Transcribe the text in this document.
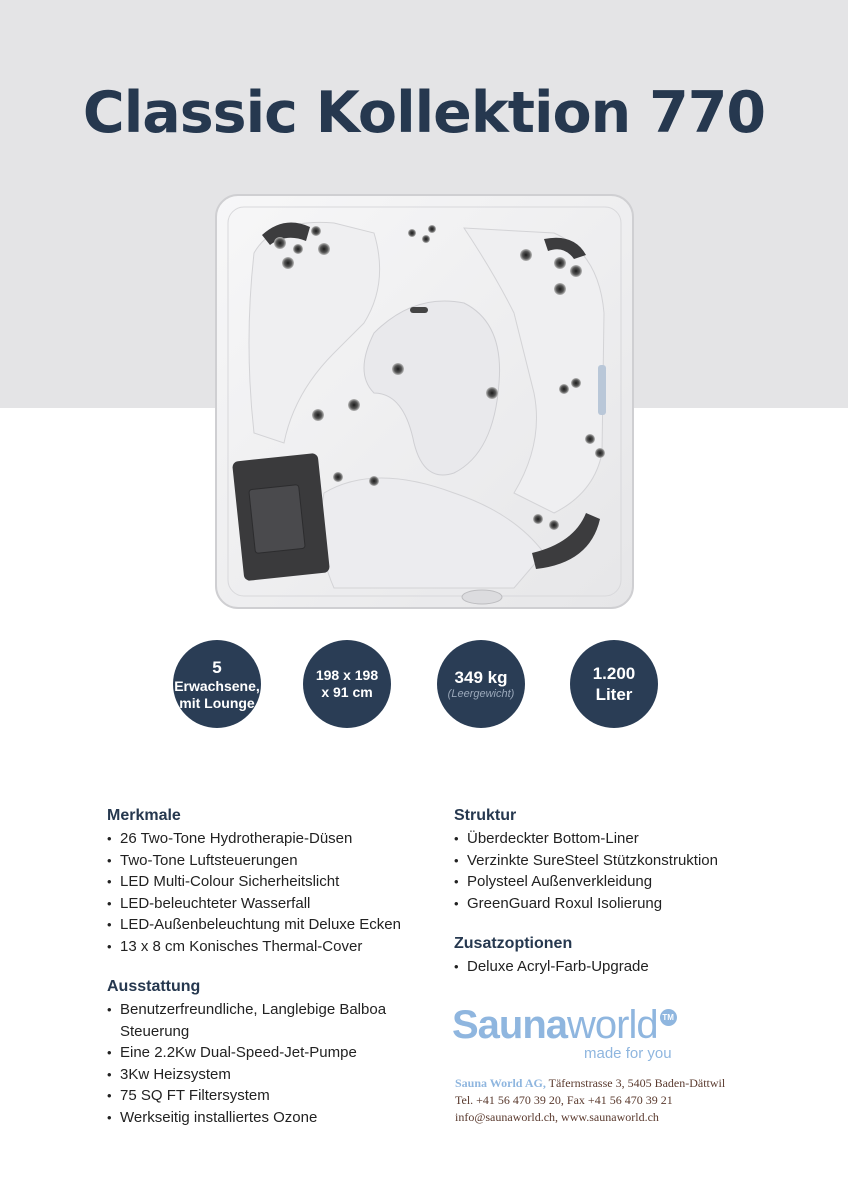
Classic Kollektion 770
5
Erwachsene,
mit Lounge
198 x 198
x 91 cm
349 kg
(Leergewicht)
1.200
Liter
Merkmale
• 26 Two-Tone Hydrotherapie-Düsen
• Two-Tone Luftsteuerungen
• LED Multi-Colour Sicherheitslicht
• LED-beleuchteter Wasserfall
• LED-Außenbeleuchtung mit Deluxe Ecken
• 13 x 8 cm Konisches Thermal-Cover
Ausstattung
• Benutzerfreundliche, Langlebige Balboa Steuerung
• Eine 2.2Kw Dual-Speed-Jet-Pumpe
• 3Kw Heizsystem
• 75 SQ FT Filtersystem
• Werkseitig installiertes Ozone
Struktur
• Überdeckter Bottom-Liner
• Verzinkte SureSteel Stützkonstruktion
• Polysteel Außenverkleidung
• GreenGuard Roxul Isolierung
Zusatzoptionen
• Deluxe Acryl-Farb-Upgrade
Saunaworld TM
made for you
Sauna World AG, Täfernstrasse 3, 5405 Baden-Dättwil
Tel. +41 56 470 39 20, Fax +41 56 470 39 21
info@saunaworld.ch, www.saunaworld.ch
